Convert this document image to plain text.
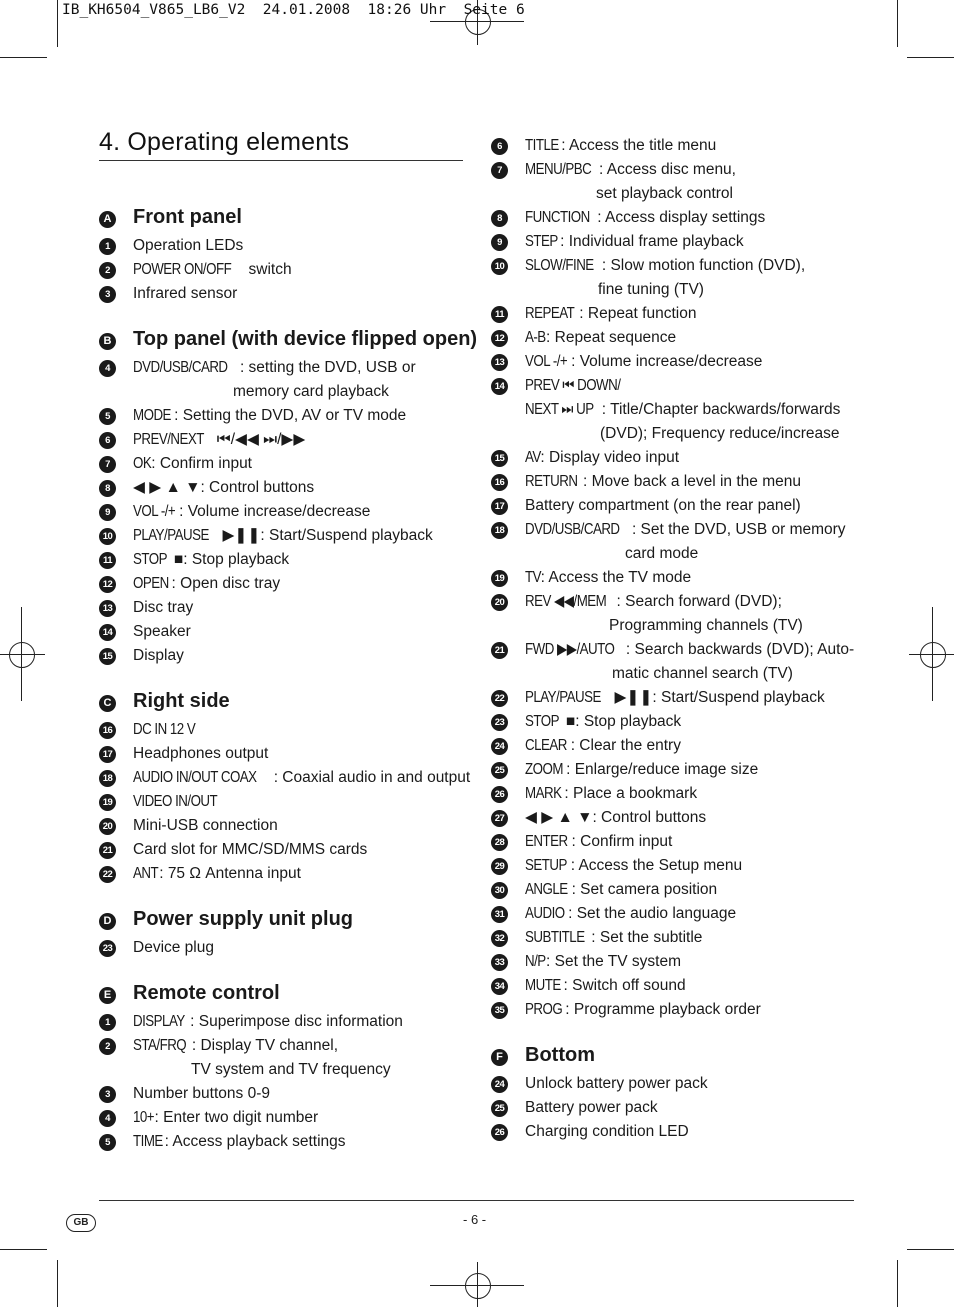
IB_KH6504_V865_LB6_V2  24.01.2008  18:26 Uhr  Seite 6
4. Operating elements
A Front panel
1	Operation LEDs
2	POWER ON/OFF switch
3	Infrared sensor
B Top panel (with device flipped open)
4	DVD/USB/CARD : setting the DVD, USB or
memory card playback
5	MODE : Setting the DVD, AV or TV mode
6	PREV/NEXT ⏮/◀◀ ⏭/▶▶
7	OK: Confirm input
8	◀ ▶ ▲ ▼: Control buttons
9	VOL -/+ : Volume increase/decrease
10 PLAY/PAUSE ▶❚❚: Start/Suspend playback
11 STOP ■: Stop playback
12 OPEN : Open disc tray
13 Disc tray
14 Speaker
15 Display
C Right side
16 DC IN 12 V
17 Headphones output
18 AUDIO IN/OUT COAX : Coaxial audio in and output
19 VIDEO IN/OUT
20 Mini-USB connection
21 Card slot for MMC/SD/MMS cards
22 ANT: 75 Ω Antenna input
D Power supply unit plug
23 Device plug
E Remote control
1	DISPLAY : Superimpose disc information
2	STA/FRQ : Display TV channel,
TV system and TV frequency
3	Number buttons 0-9
4	10+: Enter two digit number
5	TIME : Access playback settings
6	TITLE : Access the title menu
7	MENU/PBC : Access disc menu,
set playback control
8	FUNCTION : Access display settings
9	STEP : Individual frame playback
10 SLOW/FINE : Slow motion function (DVD),
fine tuning (TV)
11 REPEAT : Repeat function
12 A-B: Repeat sequence
13 VOL -/+ : Volume increase/decrease
14 PREV ⏮ DOWN/
NEXT ⏭ UP : Title/Chapter backwards/forwards
(DVD); Frequency reduce/increase
15 AV: Display video input
16 RETURN : Move back a level in the menu
17 Battery compartment (on the rear panel)
18 DVD/USB/CARD : Set the DVD, USB or memory
card mode
19 TV: Access the TV mode
20 REV ◀◀/MEM : Search forward (DVD);
Programming channels (TV)
21 FWD ▶▶/AUTO : Search backwards (DVD); Auto-
matic channel search (TV)
22 PLAY/PAUSE ▶❚❚: Start/Suspend playback
23 STOP ■: Stop playback
24 CLEAR : Clear the entry
25 ZOOM : Enlarge/reduce image size
26 MARK : Place a bookmark
27 ◀ ▶ ▲ ▼: Control buttons
28 ENTER : Confirm input
29 SETUP : Access the Setup menu
30 ANGLE : Set camera position
31 AUDIO : Set the audio language
32 SUBTITLE : Set the subtitle
33 N/P: Set the TV system
34 MUTE : Switch off sound
35 PROG : Programme playback order
F Bottom
24 Unlock battery power pack
25 Battery power pack
26 Charging condition LED
GB	- 6 -
